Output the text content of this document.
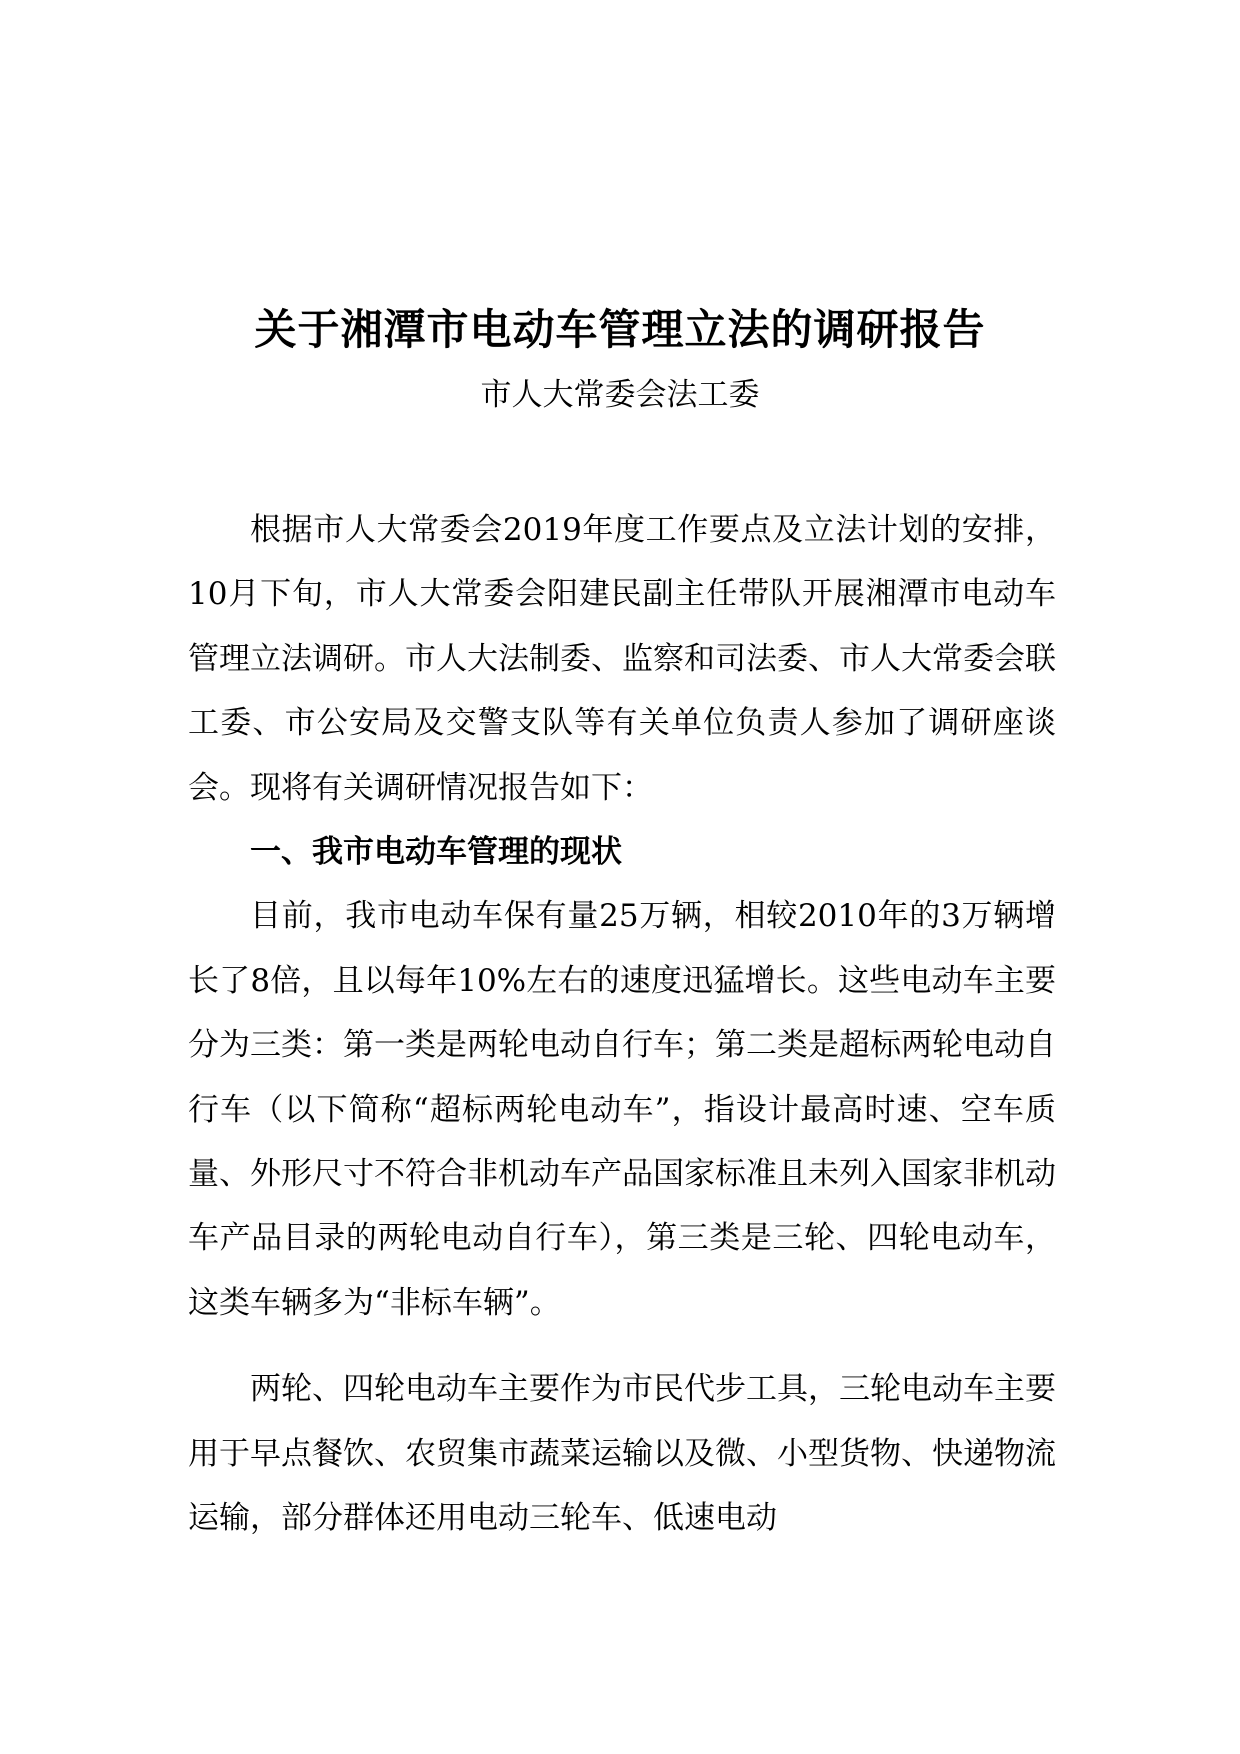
关于湘潭市电动车管理立法的调研报告
市人大常委会法工委

根据市人大常委会2019年度工作要点及立法计划的安排，10月下旬，市人大常委会阳建民副主任带队开展湘潭市电动车管理立法调研。市人大法制委、监察和司法委、市人大常委会联工委、市公安局及交警支队等有关单位负责人参加了调研座谈会。现将有关调研情况报告如下：

一、我市电动车管理的现状

目前，我市电动车保有量25万辆，相较2010年的3万辆增长了8倍，且以每年10%左右的速度迅猛增长。这些电动车主要分为三类：第一类是两轮电动自行车；第二类是超标两轮电动自行车（以下简称“超标两轮电动车”，指设计最高时速、空车质量、外形尺寸不符合非机动车产品国家标准且未列入国家非机动车产品目录的两轮电动自行车），第三类是三轮、四轮电动车，这类车辆多为“非标车辆”。

两轮、四轮电动车主要作为市民代步工具，三轮电动车主要用于早点餐饮、农贸集市蔬菜运输以及微、小型货物、快递物流运输，部分群体还用电动三轮车、低速电动
